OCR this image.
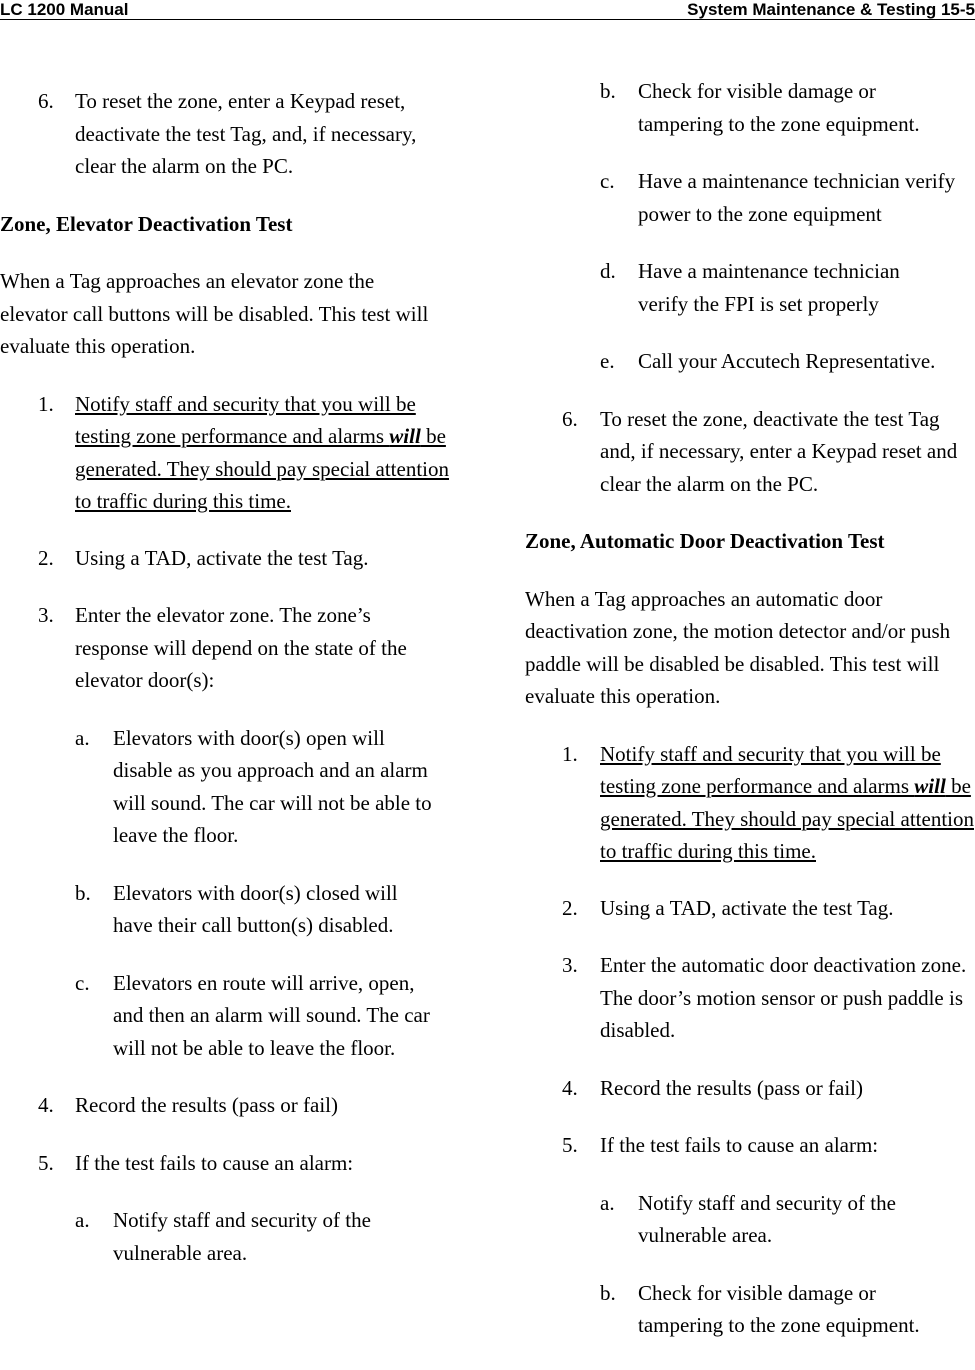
LC 1200 Manual	System Maintenance & Testing 15-5
6. To reset the zone, enter a Keypad reset, deactivate the test Tag, and, if necessary, clear the alarm on the PC.

Zone, Elevator Deactivation Test

When a Tag approaches an elevator zone the elevator call buttons will be disabled. This test will evaluate this operation.

1. Notify staff and security that you will be testing zone performance and alarms will be generated. They should pay special attention to traffic during this time.
2. Using a TAD, activate the test Tag.
3. Enter the elevator zone. The zone’s response will depend on the state of the elevator door(s):
a. Elevators with door(s) open will disable as you approach and an alarm will sound. The car will not be able to leave the floor.
b. Elevators with door(s) closed will have their call button(s) disabled.
c. Elevators en route will arrive, open, and then an alarm will sound. The car will not be able to leave the floor.
4. Record the results (pass or fail)
5. If the test fails to cause an alarm:
a. Notify staff and security of the vulnerable area.
b. Check for visible damage or tampering to the zone equipment.
c. Have a maintenance technician verify power to the zone equipment
d. Have a maintenance technician verify the FPI is set properly
e. Call your Accutech Representative.
6. To reset the zone, deactivate the test Tag and, if necessary, enter a Keypad reset and clear the alarm on the PC.

Zone, Automatic Door Deactivation Test

When a Tag approaches an automatic door deactivation zone, the motion detector and/or push paddle will be disabled be disabled. This test will evaluate this operation.

1. Notify staff and security that you will be testing zone performance and alarms will be generated. They should pay special attention to traffic during this time.
2. Using a TAD, activate the test Tag.
3. Enter the automatic door deactivation zone. The door’s motion sensor or push paddle is disabled.
4. Record the results (pass or fail)
5. If the test fails to cause an alarm:
a. Notify staff and security of the vulnerable area.
b. Check for visible damage or tampering to the zone equipment.
